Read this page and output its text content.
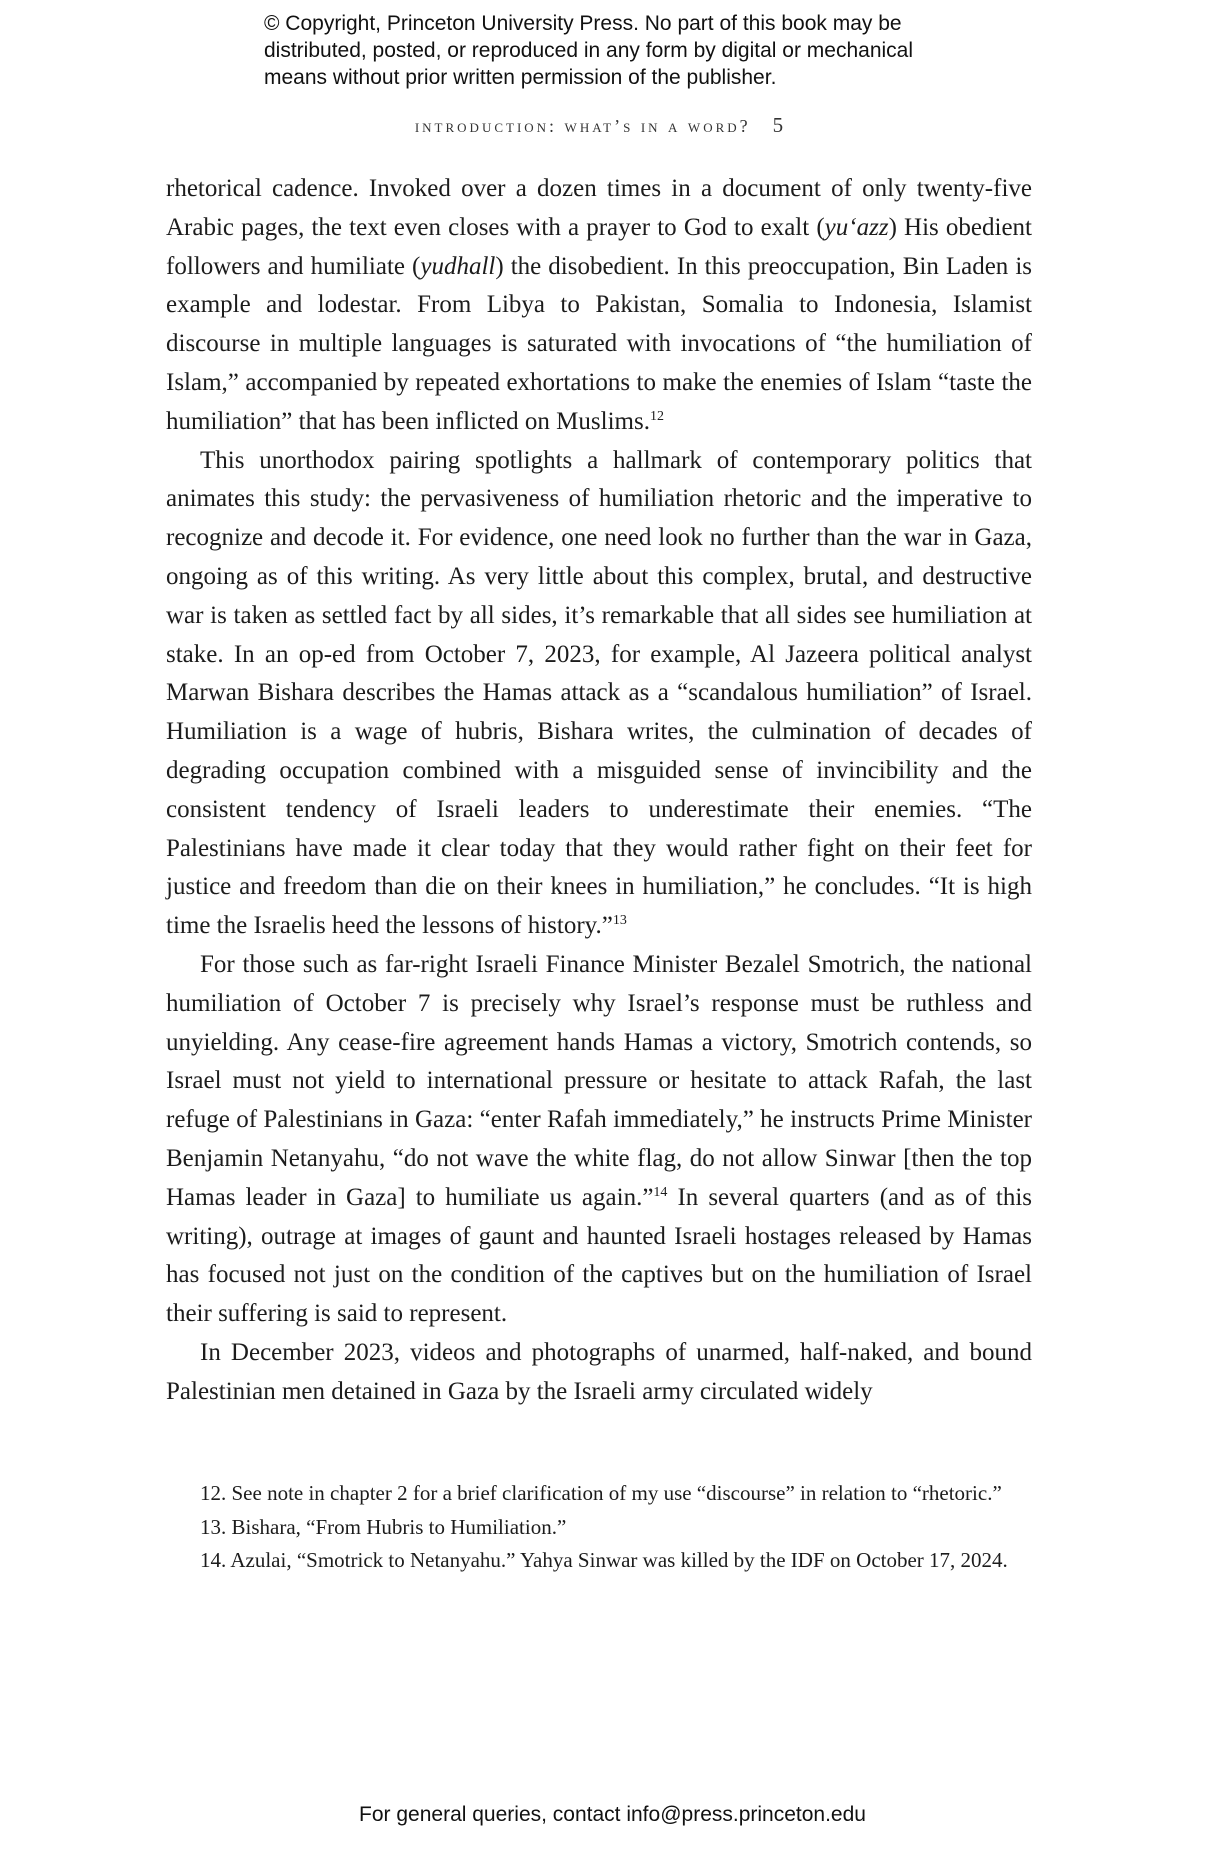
© Copyright, Princeton University Press. No part of this book may be
distributed, posted, or reproduced in any form by digital or mechanical
means without prior written permission of the publisher.
introduction: what’s in a word? 5

rhetorical cadence. Invoked over a dozen times in a document of only twenty-five Arabic pages, the text even closes with a prayer to God to exalt (yu‘azz) His obedient followers and humiliate (yudhall) the disobedient. In this preoccupation, Bin Laden is example and lodestar. From Libya to Pakistan, Somalia to Indonesia, Islamist discourse in multiple languages is saturated with invocations of “the humiliation of Islam,” accompanied by repeated exhortations to make the enemies of Islam “taste the humiliation” that has been inflicted on Muslims.$^{12}$

This unorthodox pairing spotlights a hallmark of contemporary politics that animates this study: the pervasiveness of humiliation rhetoric and the imperative to recognize and decode it. For evidence, one need look no further than the war in Gaza, ongoing as of this writing. As very little about this complex, brutal, and destructive war is taken as settled fact by all sides, it’s remarkable that all sides see humiliation at stake. In an op-ed from October 7, 2023, for example, Al Jazeera political analyst Marwan Bishara describes the Hamas attack as a “scandalous humiliation” of Israel. Humiliation is a wage of hubris, Bishara writes, the culmination of decades of degrading occupation combined with a misguided sense of invincibility and the consistent tendency of Israeli leaders to underestimate their enemies. “The Palestinians have made it clear today that they would rather fight on their feet for justice and freedom than die on their knees in humiliation,” he concludes. “It is high time the Israelis heed the lessons of history.”$^{13}$

For those such as far-right Israeli Finance Minister Bezalel Smotrich, the national humiliation of October 7 is precisely why Israel’s response must be ruthless and unyielding. Any cease-fire agreement hands Hamas a victory, Smotrich contends, so Israel must not yield to international pressure or hesitate to attack Rafah, the last refuge of Palestinians in Gaza: “enter Rafah immediately,” he instructs Prime Minister Benjamin Netanyahu, “do not wave the white flag, do not allow Sinwar [then the top Hamas leader in Gaza] to humiliate us again.”$^{14}$ In several quarters (and as of this writing), outrage at images of gaunt and haunted Israeli hostages released by Hamas has focused not just on the condition of the captives but on the humiliation of Israel their suffering is said to represent.

In December 2023, videos and photographs of unarmed, half-naked, and bound Palestinian men detained in Gaza by the Israeli army circulated widely

12. See note in chapter 2 for a brief clarification of my use “discourse” in relation to “rhetoric.”

13. Bishara, “From Hubris to Humiliation.”

14. Azulai, “Smotrick to Netanyahu.” Yahya Sinwar was killed by the IDF on October 17, 2024.

For general queries, contact info@press.princeton.edu
